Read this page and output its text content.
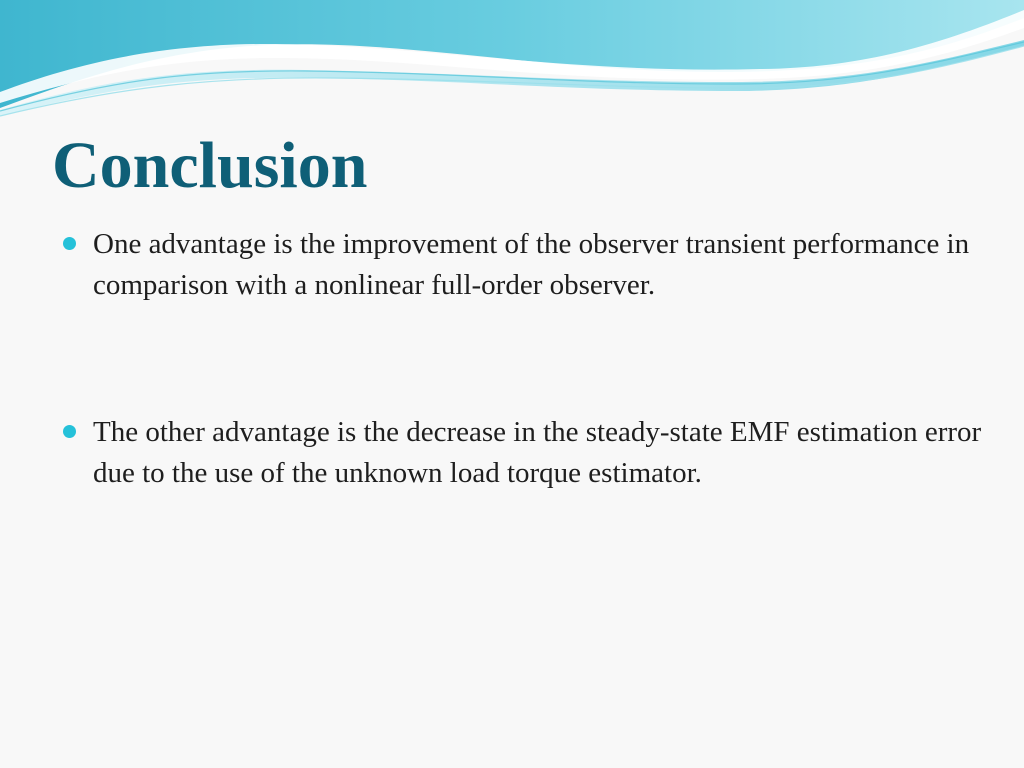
Conclusion
One advantage is the improvement of the observer transient performance in comparison with a nonlinear full-order observer.
The other advantage is the decrease in the steady-state EMF estimation error due to the use of the unknown load torque estimator.
